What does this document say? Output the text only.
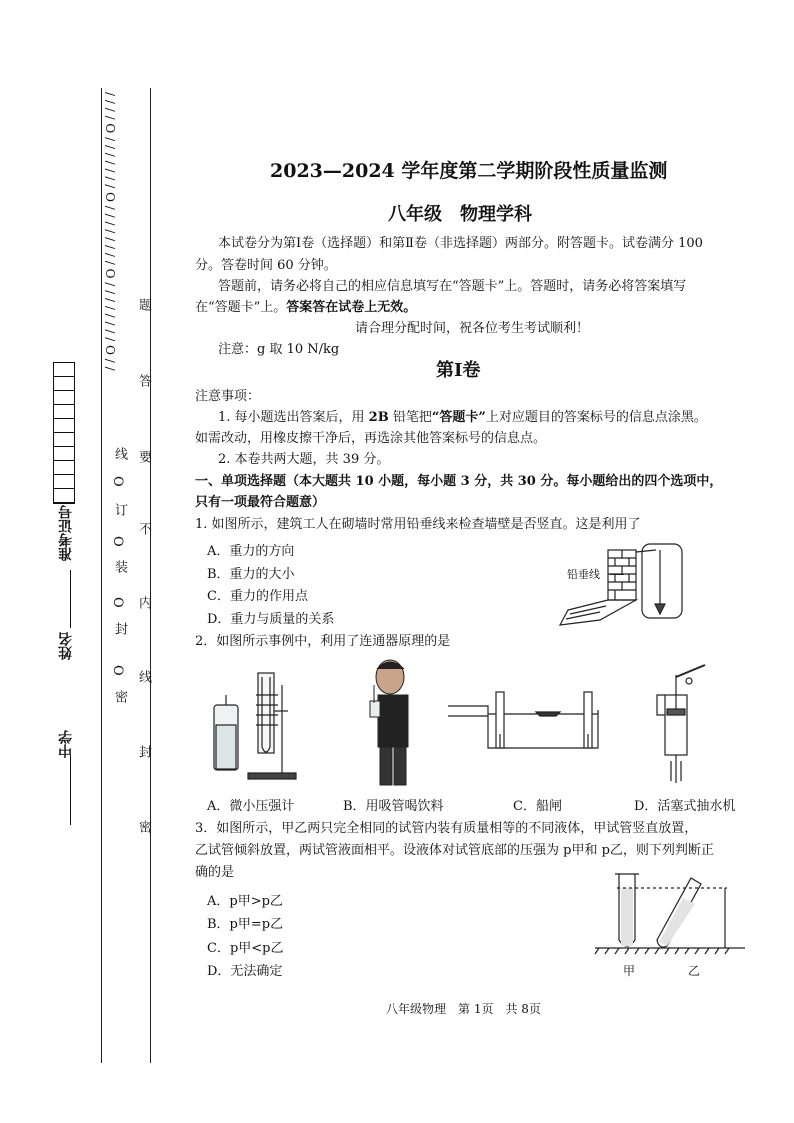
/ / / / O / / / / / / / O / / / / / / / / O / / / / / / / / O / /
密
O
封
O
装
O
订
O
线
密
封
线
内
不
要
答
题
中学
姓名
准考证号
2023—2024 学年度第二学期阶段性质量监测
八年级　物理学科
本试卷分为第Ⅰ卷（选择题）和第Ⅱ卷（非选择题）两部分。附答题卡。试卷满分 100
分。答卷时间 60 分钟。
答题前，请务必将自己的相应信息填写在“答题卡”上。答题时，请务必将答案填写
在“答题卡”上。答案答在试卷上无效。
请合理分配时间，祝各位考生考试顺利！
注意：g 取 10 N/kg
第Ⅰ卷
注意事项：
1. 每小题选出答案后，用 2B 铅笔把“答题卡”上对应题目的答案标号的信息点涂黑。
如需改动，用橡皮擦干净后，再选涂其他答案标号的信息点。
2. 本卷共两大题，共 39 分。
一、单项选择题（本大题共 10 小题，每小题 3 分，共 30 分。每小题给出的四个选项中，
只有一项最符合题意）
1. 如图所示，建筑工人在砌墙时常用铅垂线来检查墙壁是否竖直。这是利用了
A．重力的方向
B．重力的大小
C．重力的作用点
D．重力与质量的关系
铅垂线
2．如图所示事例中，利用了连通器原理的是
A．微小压强计	B．用吸管喝饮料	C．船闸	D．活塞式抽水机
3．如图所示，甲乙两只完全相同的试管内装有质量相等的不同液体，甲试管竖直放置，
乙试管倾斜放置，两试管液面相平。设液体对试管底部的压强为 p甲和 p乙，则下列判断正
确的是
A．p甲>p乙
B．p甲=p乙
C．p甲<p乙
D．无法确定	甲	乙
八年级物理　第 1页　共 8页
